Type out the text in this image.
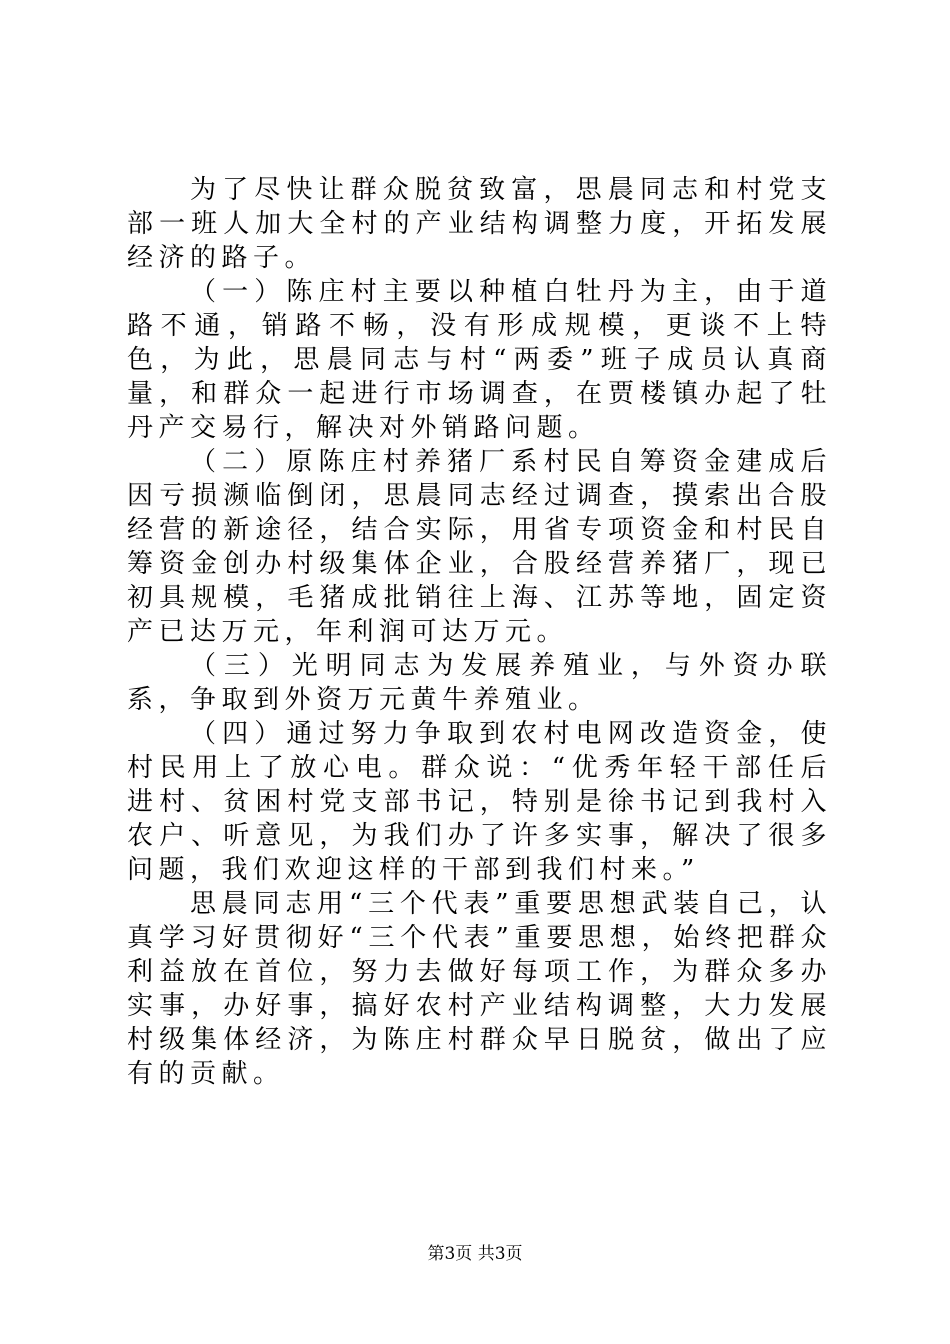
为了尽快让群众脱贫致富，思晨同志和村党支部一班人加大全村的产业结构调整力度，开拓发展经济的路子。

（一）陈庄村主要以种植白牡丹为主，由于道路不通，销路不畅，没有形成规模，更谈不上特色，为此，思晨同志与村“两委”班子成员认真商量，和群众一起进行市场调查，在贾楼镇办起了牡丹产交易行，解决对外销路问题。

（二）原陈庄村养猪厂系村民自筹资金建成后因亏损濒临倒闭，思晨同志经过调查，摸索出合股经营的新途径，结合实际，用省专项资金和村民自筹资金创办村级集体企业，合股经营养猪厂，现已初具规模，毛猪成批销往上海、江苏等地，固定资产已达万元，年利润可达万元。

（三）光明同志为发展养殖业，与外资办联系，争取到外资万元黄牛养殖业。

（四）通过努力争取到农村电网改造资金，使村民用上了放心电。群众说：“优秀年轻干部任后进村、贫困村党支部书记，特别是徐书记到我村入农户、听意见，为我们办了许多实事，解决了很多问题，我们欢迎这样的干部到我们村来。”

思晨同志用“三个代表”重要思想武装自己，认真学习好贯彻好“三个代表”重要思想，始终把群众利益放在首位，努力去做好每项工作，为群众多办实事，办好事，搞好农村产业结构调整，大力发展村级集体经济，为陈庄村群众早日脱贫，做出了应有的贡献。

第3页 共3页
